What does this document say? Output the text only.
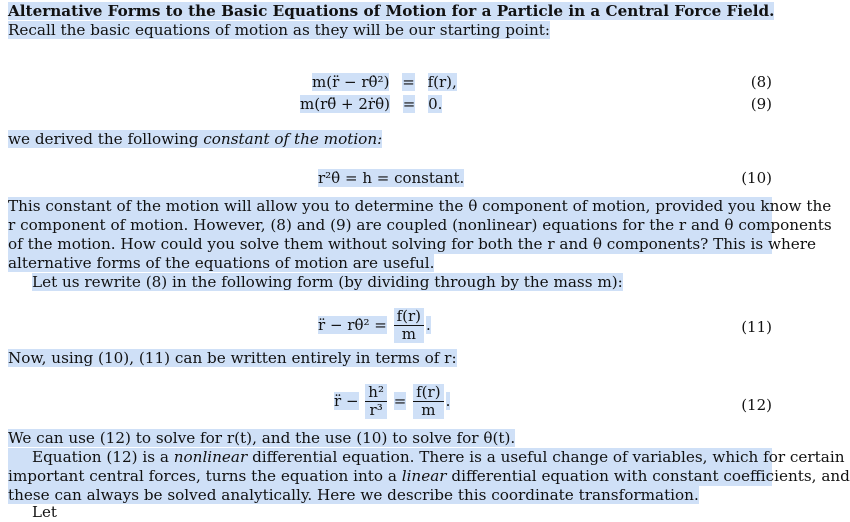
Alternative Forms to the Basic Equations of Motion for a Particle in a Central Force Field.
Recall the basic equations of motion as they will be our starting point:
m(r̈ − rθ̇²) = f(r),	(8)
m(rθ̈ + 2ṙθ̇) = 0.	(9)
we derived the following constant of the motion:
r²θ̇ = h = constant.	(10)
This constant of the motion will allow you to determine the θ component of motion, provided you know the
r component of motion. However, (8) and (9) are coupled (nonlinear) equations for the r and θ components
of the motion. How could you solve them without solving for both the r and θ components? This is where
alternative forms of the equations of motion are useful.
Let us rewrite (8) in the following form (by dividing through by the mass m):
r̈ − rθ̇² = $\frac{f(r)}{m}$ .	(11)
Now, using (10), (11) can be written entirely in terms of r:
r̈ − $\frac{\text{h²}}{\text{r³}} = \frac{f(r)}{m}$ .	(12)
We can use (12) to solve for r(t), and the use (10) to solve for θ(t).
Equation (12) is a nonlinear differential equation. There is a useful change of variables, which for certain
important central forces, turns the equation into a linear differential equation with constant coefficients, and
these can always be solved analytically. Here we describe this coordinate transformation.
Let
